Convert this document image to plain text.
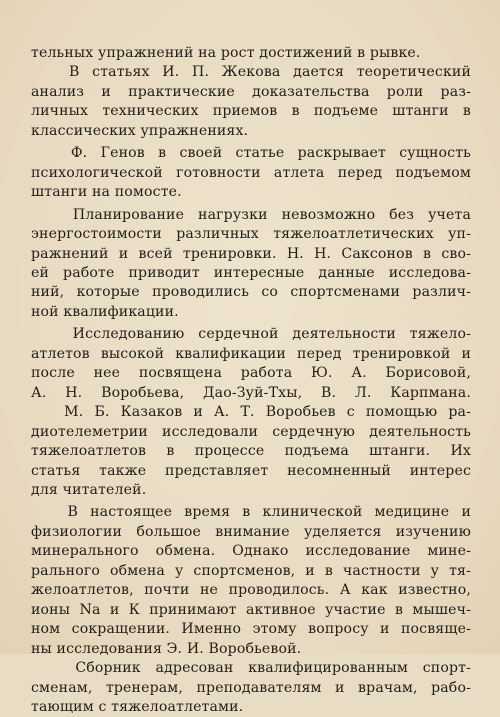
тельных упражнений на рост достижений в рывке.
В статьях И. П. Жекова дается теоретический
анализ и практические доказательства роли раз-
личных технических приемов в подъеме штанги в
классических упражнениях.
Ф. Генов в своей статье раскрывает сущность
психологической готовности атлета перед подъемом
штанги на помосте.
Планирование нагрузки невозможно без учета
энергостоимости различных тяжелоатлетических уп-
ражнений и всей тренировки. Н. Н. Саксонов в сво-
ей работе приводит интересные данные исследова-
ний, которые проводились со спортсменами различ-
ной квалификации.
Исследованию сердечной деятельности тяжело-
атлетов высокой квалификации перед тренировкой и
после нее посвящена работа Ю. А. Борисовой,
А. Н. Воробьева, Дао-Зуй-Тхы, В. Л. Карпмана.
М. Б. Казаков и А. Т. Воробьев с помощью ра-
диотелеметрии исследовали сердечную деятельность
тяжелоатлетов в процессе подъема штанги. Их
статья также представляет несомненный интерес
для читателей.
В настоящее время в клинической медицине и
физиологии большое внимание уделяется изучению
минерального обмена. Однако исследование мине-
рального обмена у спортсменов, и в частности у тя-
желоатлетов, почти не проводилось. А как известно,
ионы Na и К принимают активное участие в мышеч-
ном сокращении. Именно этому вопросу и посвяще-
ны исследования Э. И. Воробьевой.
Сборник адресован квалифицированным спорт-
сменам, тренерам, преподавателям и врачам, рабо-
тающим с тяжелоатлетами.
